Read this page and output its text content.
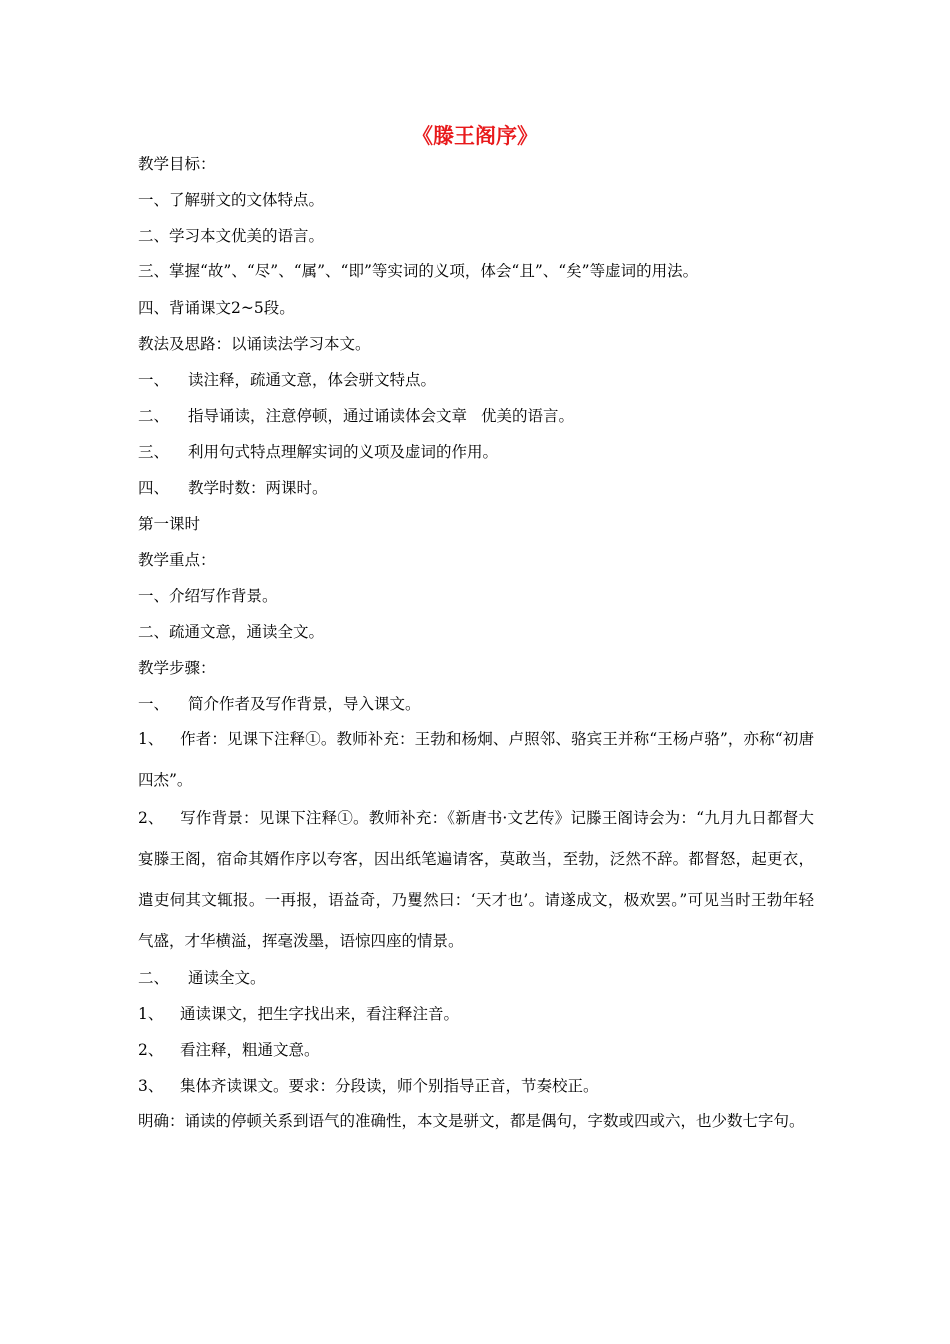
《滕王阁序》
教学目标：
一、了解骈文的文体特点。
二、学习本文优美的语言。
三、掌握“故”、“尽”、“属”、“即”等实词的义项，体会“且”、“矣”等虚词的用法。
四、背诵课文2~5段。
教法及思路：以诵读法学习本文。
一、 读注释，疏通文意，体会骈文特点。
二、 指导诵读，注意停顿，通过诵读体会文章 优美的语言。
三、 利用句式特点理解实词的义项及虚词的作用。
四、 教学时数：两课时。
第一课时
教学重点：
一、介绍写作背景。
二、疏通文意，通读全文。
教学步骤：
一、 简介作者及写作背景，导入课文。
1、 作者：见课下注释①。教师补充：王勃和杨炯、卢照邻、骆宾王并称“王杨卢骆”，亦称“初唐四杰”。
2、 写作背景：见课下注释①。教师补充：《新唐书·文艺传》记滕王阁诗会为：“九月九日都督大宴滕王阁，宿命其婿作序以夸客，因出纸笔遍请客，莫敢当，至勃，泛然不辞。都督怒，起更衣，遣吏伺其文辄报。一再报，语益奇，乃矍然曰：‘天才也’。请遂成文，极欢罢。”可见当时王勃年轻气盛，才华横溢，挥毫泼墨，语惊四座的情景。
二、 通读全文。
1、 通读课文，把生字找出来，看注释注音。
2、 看注释，粗通文意。
3、 集体齐读课文。要求：分段读，师个别指导正音，节奏校正。
明确：诵读的停顿关系到语气的准确性，本文是骈文，都是偶句，字数或四或六，也少数七字句。
